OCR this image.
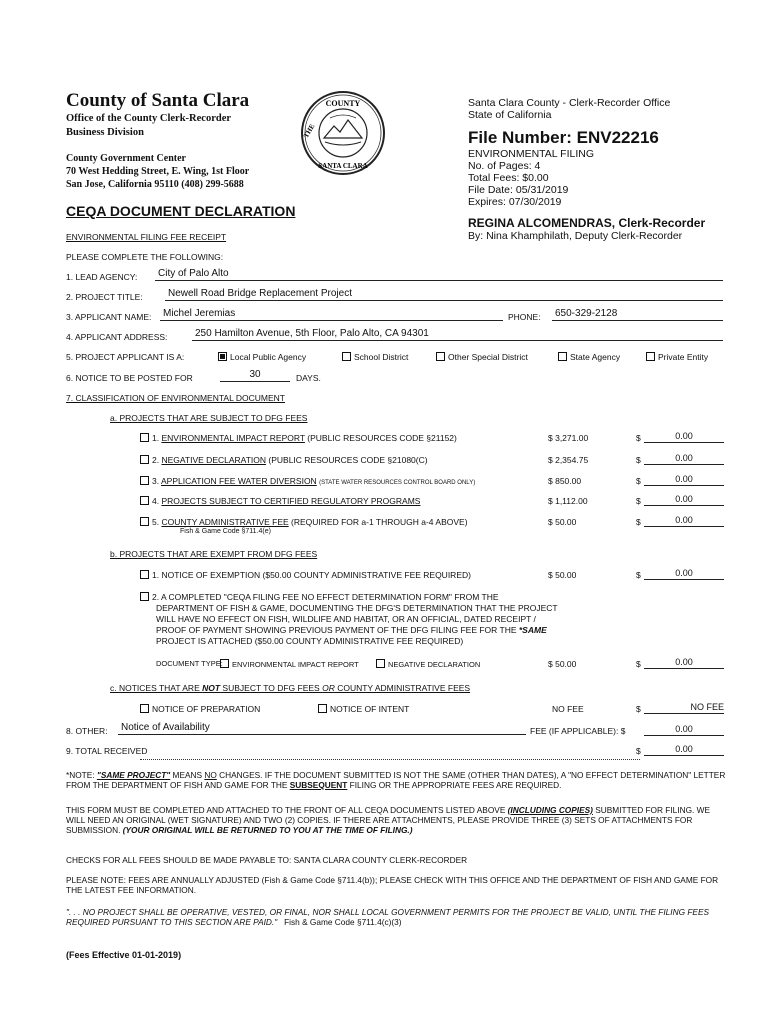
County of Santa Clara
Office of the County Clerk-Recorder
Business Division
County Government Center
70 West Hedding Street, E. Wing, 1st Floor
San Jose, California 95110 (408) 299-5688
COUNTY
THE
SANTA CLARA
Santa Clara County - Clerk-Recorder Office
State of California
File Number: ENV22216
ENVIRONMENTAL FILING
No. of Pages: 4
Total Fees: $0.00
File Date: 05/31/2019
Expires: 07/30/2019
REGINA ALCOMENDRAS, Clerk-Recorder
By: Nina Khamphilath, Deputy Clerk-Recorder
CEQA DOCUMENT DECLARATION
ENVIRONMENTAL FILING FEE RECEIPT
PLEASE COMPLETE THE FOLLOWING:
1. LEAD AGENCY:	City of Palo Alto
2. PROJECT TITLE:	Newell Road Bridge Replacement Project
3. APPLICANT NAME:	Michel Jeremias	PHONE:	650-329-2128
4. APPLICANT ADDRESS:	250 Hamilton Avenue, 5th Floor, Palo Alto, CA 94301
5. PROJECT APPLICANT IS A:	Local Public Agency	School District	Other Special District	State Agency	Private Entity
6. NOTICE TO BE POSTED FOR	30	DAYS.
7. CLASSIFICATION OF ENVIRONMENTAL DOCUMENT
a. PROJECTS THAT ARE SUBJECT TO DFG FEES
1. ENVIRONMENTAL IMPACT REPORT (PUBLIC RESOURCES CODE §21152)	$ 3,271.00	$	0.00
2. NEGATIVE DECLARATION (PUBLIC RESOURCES CODE §21080(C)	$ 2,354.75	$	0.00
3. APPLICATION FEE WATER DIVERSION (STATE WATER RESOURCES CONTROL BOARD ONLY)	$ 850.00	$	0.00
4. PROJECTS SUBJECT TO CERTIFIED REGULATORY PROGRAMS	$ 1,112.00	$	0.00
5. COUNTY ADMINISTRATIVE FEE (REQUIRED FOR a-1 THROUGH a-4 ABOVE)	$ 50.00	$	0.00
Fish & Game Code §711.4(e)
b. PROJECTS THAT ARE EXEMPT FROM DFG FEES
1. NOTICE OF EXEMPTION ($50.00 COUNTY ADMINISTRATIVE FEE REQUIRED)	$ 50.00	$	0.00
2. A COMPLETED "CEQA FILING FEE NO EFFECT DETERMINATION FORM" FROM THE
DEPARTMENT OF FISH & GAME, DOCUMENTING THE DFG'S DETERMINATION THAT THE PROJECT
WILL HAVE NO EFFECT ON FISH, WILDLIFE AND HABITAT, OR AN OFFICIAL, DATED RECEIPT /
PROOF OF PAYMENT SHOWING PREVIOUS PAYMENT OF THE DFG FILING FEE FOR THE *SAME
PROJECT IS ATTACHED ($50.00 COUNTY ADMINISTRATIVE FEE REQUIRED)
DOCUMENT TYPE:	ENVIRONMENTAL IMPACT REPORT	NEGATIVE DECLARATION	$ 50.00	$	0.00
c. NOTICES THAT ARE NOT SUBJECT TO DFG FEES OR COUNTY ADMINISTRATIVE FEES
NOTICE OF PREPARATION	NOTICE OF INTENT	NO FEE	$	NO FEE
8. OTHER:	Notice of Availability	FEE (IF APPLICABLE): $	0.00
9. TOTAL RECEIVED	$	0.00
*NOTE: "SAME PROJECT" MEANS NO CHANGES. IF THE DOCUMENT SUBMITTED IS NOT THE SAME (OTHER THAN DATES), A "NO EFFECT DETERMINATION" LETTER FROM THE DEPARTMENT OF FISH AND GAME FOR THE SUBSEQUENT FILING OR THE APPROPRIATE FEES ARE REQUIRED.
THIS FORM MUST BE COMPLETED AND ATTACHED TO THE FRONT OF ALL CEQA DOCUMENTS LISTED ABOVE (INCLUDING COPIES) SUBMITTED FOR FILING. WE WILL NEED AN ORIGINAL (WET SIGNATURE) AND TWO (2) COPIES. IF THERE ARE ATTACHMENTS, PLEASE PROVIDE THREE (3) SETS OF ATTACHMENTS FOR SUBMISSION. (YOUR ORIGINAL WILL BE RETURNED TO YOU AT THE TIME OF FILING.)
CHECKS FOR ALL FEES SHOULD BE MADE PAYABLE TO: SANTA CLARA COUNTY CLERK-RECORDER
PLEASE NOTE: FEES ARE ANNUALLY ADJUSTED (Fish & Game Code §711.4(b)); PLEASE CHECK WITH THIS OFFICE AND THE DEPARTMENT OF FISH AND GAME FOR THE LATEST FEE INFORMATION.
". . . NO PROJECT SHALL BE OPERATIVE, VESTED, OR FINAL, NOR SHALL LOCAL GOVERNMENT PERMITS FOR THE PROJECT BE VALID, UNTIL THE FILING FEES REQUIRED PURSUANT TO THIS SECTION ARE PAID." Fish & Game Code §711.4(c)(3)
(Fees Effective 01-01-2019)
